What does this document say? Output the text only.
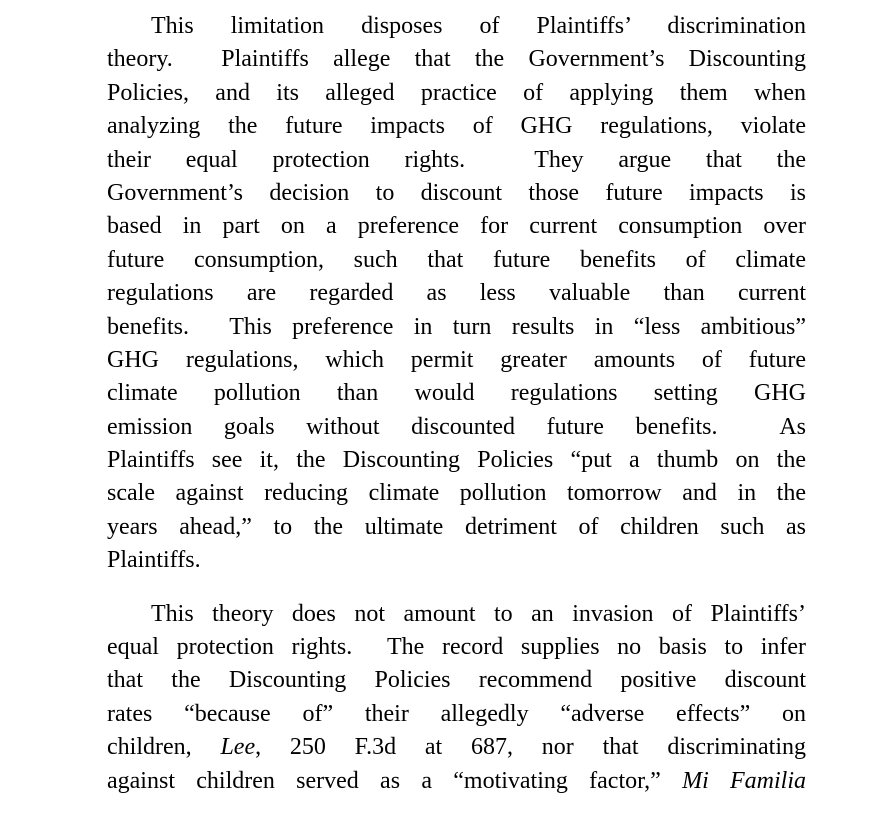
This limitation disposes of Plaintiffs’ discrimination
theory.  Plaintiffs allege that the Government’s Discounting
Policies, and its alleged practice of applying them when
analyzing the future impacts of GHG regulations, violate
their equal protection rights.  They argue that the
Government’s decision to discount those future impacts is
based in part on a preference for current consumption over
future consumption, such that future benefits of climate
regulations are regarded as less valuable than current
benefits.  This preference in turn results in “less ambitious”
GHG regulations, which permit greater amounts of future
climate pollution than would regulations setting GHG
emission goals without discounted future benefits.  As
Plaintiffs see it, the Discounting Policies “put a thumb on the
scale against reducing climate pollution tomorrow and in the
years ahead,” to the ultimate detriment of children such as
Plaintiffs.
This theory does not amount to an invasion of Plaintiffs’
equal protection rights.  The record supplies no basis to infer
that the Discounting Policies recommend positive discount
rates “because of” their allegedly “adverse effects” on
children, Lee, 250 F.3d at 687, nor that discriminating
against children served as a “motivating factor,” Mi Familia
